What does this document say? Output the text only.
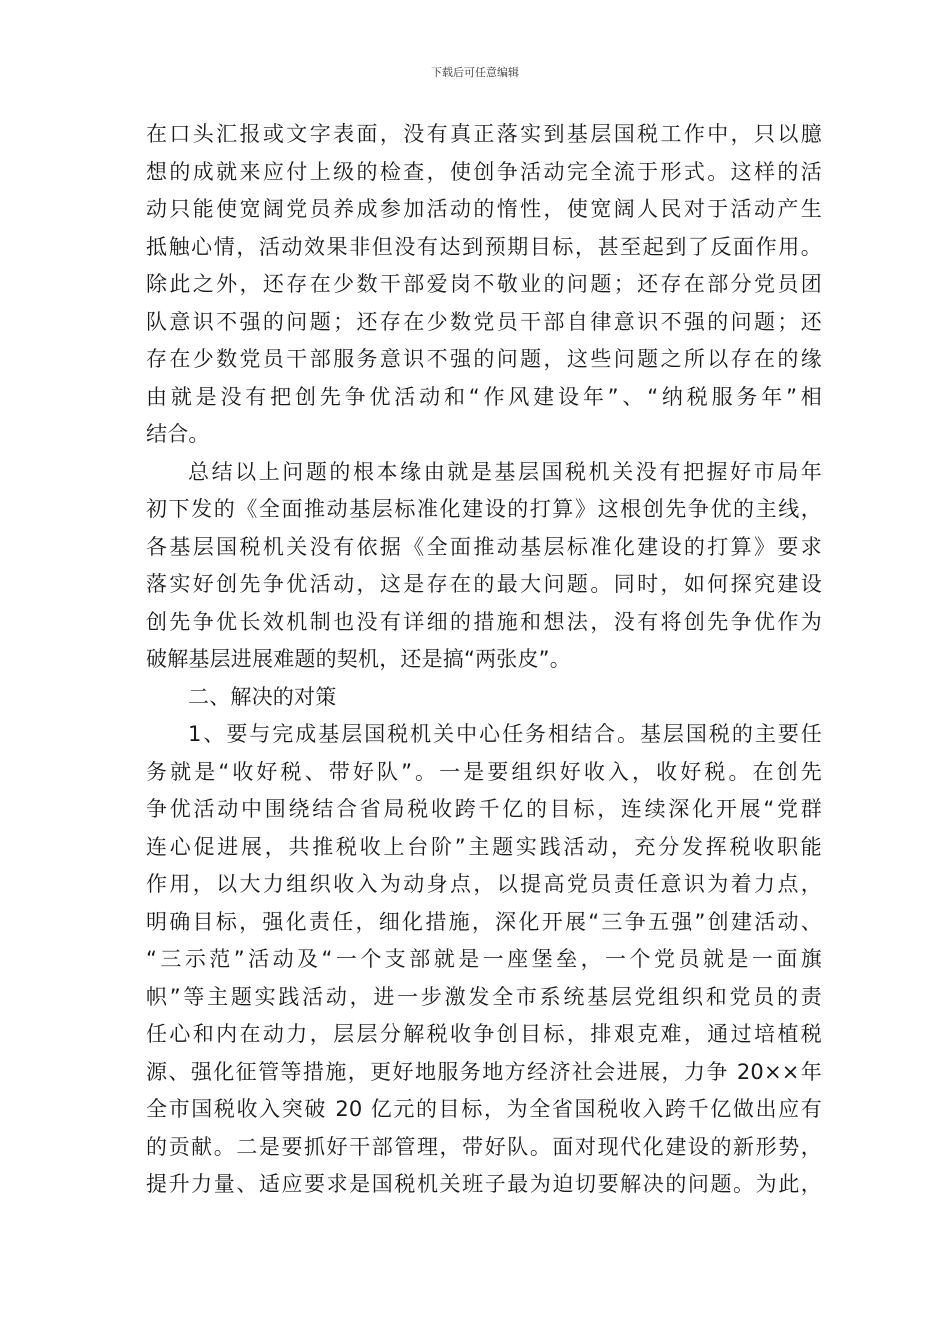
下载后可任意编辑
在口头汇报或文字表面，没有真正落实到基层国税工作中，只以臆
想的成就来应付上级的检查，使创争活动完全流于形式。这样的活
动只能使宽阔党员养成参加活动的惰性，使宽阔人民对于活动产生
抵触心情，活动效果非但没有达到预期目标，甚至起到了反面作用。
除此之外，还存在少数干部爱岗不敬业的问题；还存在部分党员团
队意识不强的问题；还存在少数党员干部自律意识不强的问题；还
存在少数党员干部服务意识不强的问题，这些问题之所以存在的缘
由就是没有把创先争优活动和“作风建设年”、“纳税服务年”相
结合。
总结以上问题的根本缘由就是基层国税机关没有把握好市局年
初下发的《全面推动基层标准化建设的打算》这根创先争优的主线，
各基层国税机关没有依据《全面推动基层标准化建设的打算》要求
落实好创先争优活动，这是存在的最大问题。同时，如何探究建设
创先争优长效机制也没有详细的措施和想法，没有将创先争优作为
破解基层进展难题的契机，还是搞“两张皮”。
二、解决的对策
1、要与完成基层国税机关中心任务相结合。基层国税的主要任
务就是“收好税、带好队”。一是要组织好收入，收好税。在创先
争优活动中围绕结合省局税收跨千亿的目标，连续深化开展“党群
连心促进展，共推税收上台阶”主题实践活动，充分发挥税收职能
作用，以大力组织收入为动身点，以提高党员责任意识为着力点，
明确目标，强化责任，细化措施，深化开展“三争五强”创建活动、
“三示范”活动及“一个支部就是一座堡垒，一个党员就是一面旗
帜”等主题实践活动，进一步激发全市系统基层党组织和党员的责
任心和内在动力，层层分解税收争创目标，排艰克难，通过培植税
源、强化征管等措施，更好地服务地方经济社会进展，力争 20××年
全市国税收入突破 20 亿元的目标，为全省国税收入跨千亿做出应有
的贡献。二是要抓好干部管理，带好队。面对现代化建设的新形势，
提升力量、适应要求是国税机关班子最为迫切要解决的问题。为此，
